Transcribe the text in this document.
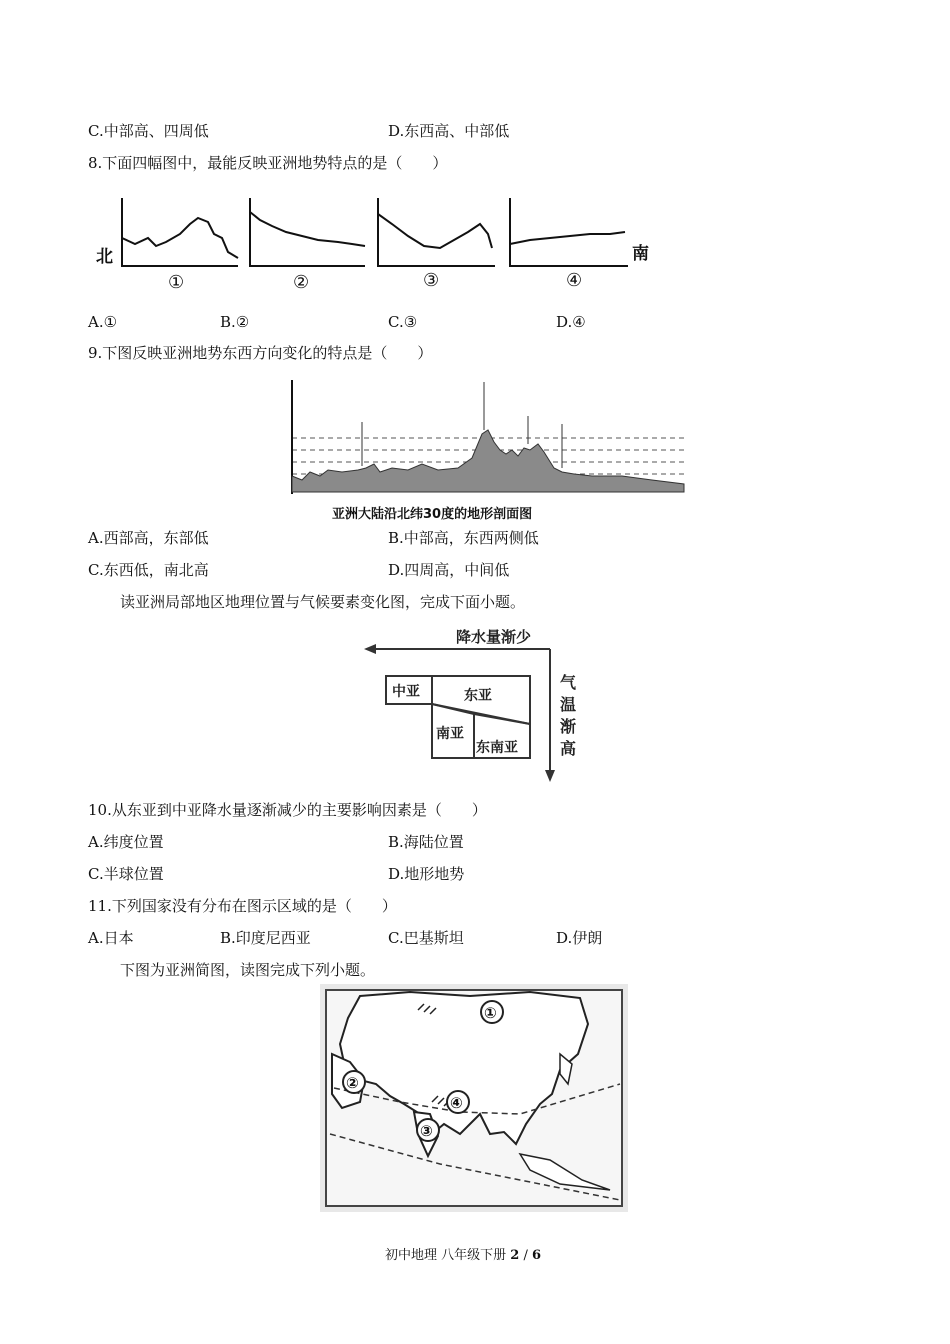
C.中部高、四周低	D.东西高、中部低
8.下面四幅图中，最能反映亚洲地势特点的是（　　）
北	南
①	②	③	④
A.①	B.②	C.③	D.④
9.下图反映亚洲地势东西方向变化的特点是（　　）
亚洲大陆沿北纬30度的地形剖面图
A.西部高，东部低	B.中部高，东西两侧低
C.东西低，南北高	D.四周高，中间低
读亚洲局部地区地理位置与气候要素变化图，完成下面小题。
降水量渐少
气
温
渐
高
中亚	东亚
南亚
东南亚
10.从东亚到中亚降水量逐渐减少的主要影响因素是（　　）
A.纬度位置	B.海陆位置
C.半球位置	D.地形地势
11.下列国家没有分布在图示区域的是（　　）
A.日本	B.印度尼西亚	C.巴基斯坦	D.伊朗
下图为亚洲简图，读图完成下列小题。
①
②
③
④
初中地理 八年级下册 2 / 6
